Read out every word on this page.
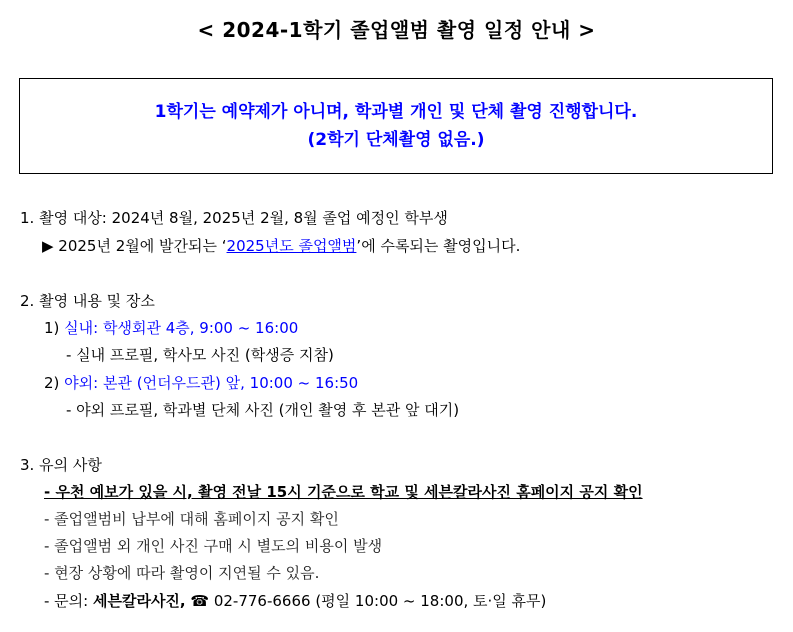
< 2024-1학기 졸업앨범 촬영 일정 안내 >
1학기는 예약제가 아니며, 학과별 개인 및 단체 촬영 진행합니다.
(2학기 단체촬영 없음.)
1. 촬영 대상: 2024년 8월, 2025년 2월, 8월 졸업 예정인 학부생
▶ 2025년 2월에 발간되는 ‘2025년도 졸업앨범’에 수록되는 촬영입니다.
2. 촬영 내용 및 장소
1) 실내: 학생회관 4층, 9:00 ~ 16:00
- 실내 프로필, 학사모 사진 (학생증 지참)
2) 야외: 본관 (언더우드관) 앞, 10:00 ~ 16:50
- 야외 프로필, 학과별 단체 사진 (개인 촬영 후 본관 앞 대기)
3. 유의 사항
- 우천 예보가 있을 시, 촬영 전날 15시 기준으로 학교 및 세븐칼라사진 홈페이지 공지 확인
- 졸업앨범비 납부에 대해 홈페이지 공지 확인
- 졸업앨범 외 개인 사진 구매 시 별도의 비용이 발생
- 현장 상황에 따라 촬영이 지연될 수 있음.
- 문의: 세븐칼라사진, ☎ 02-776-6666 (평일 10:00 ~ 18:00, 토·일 휴무)
